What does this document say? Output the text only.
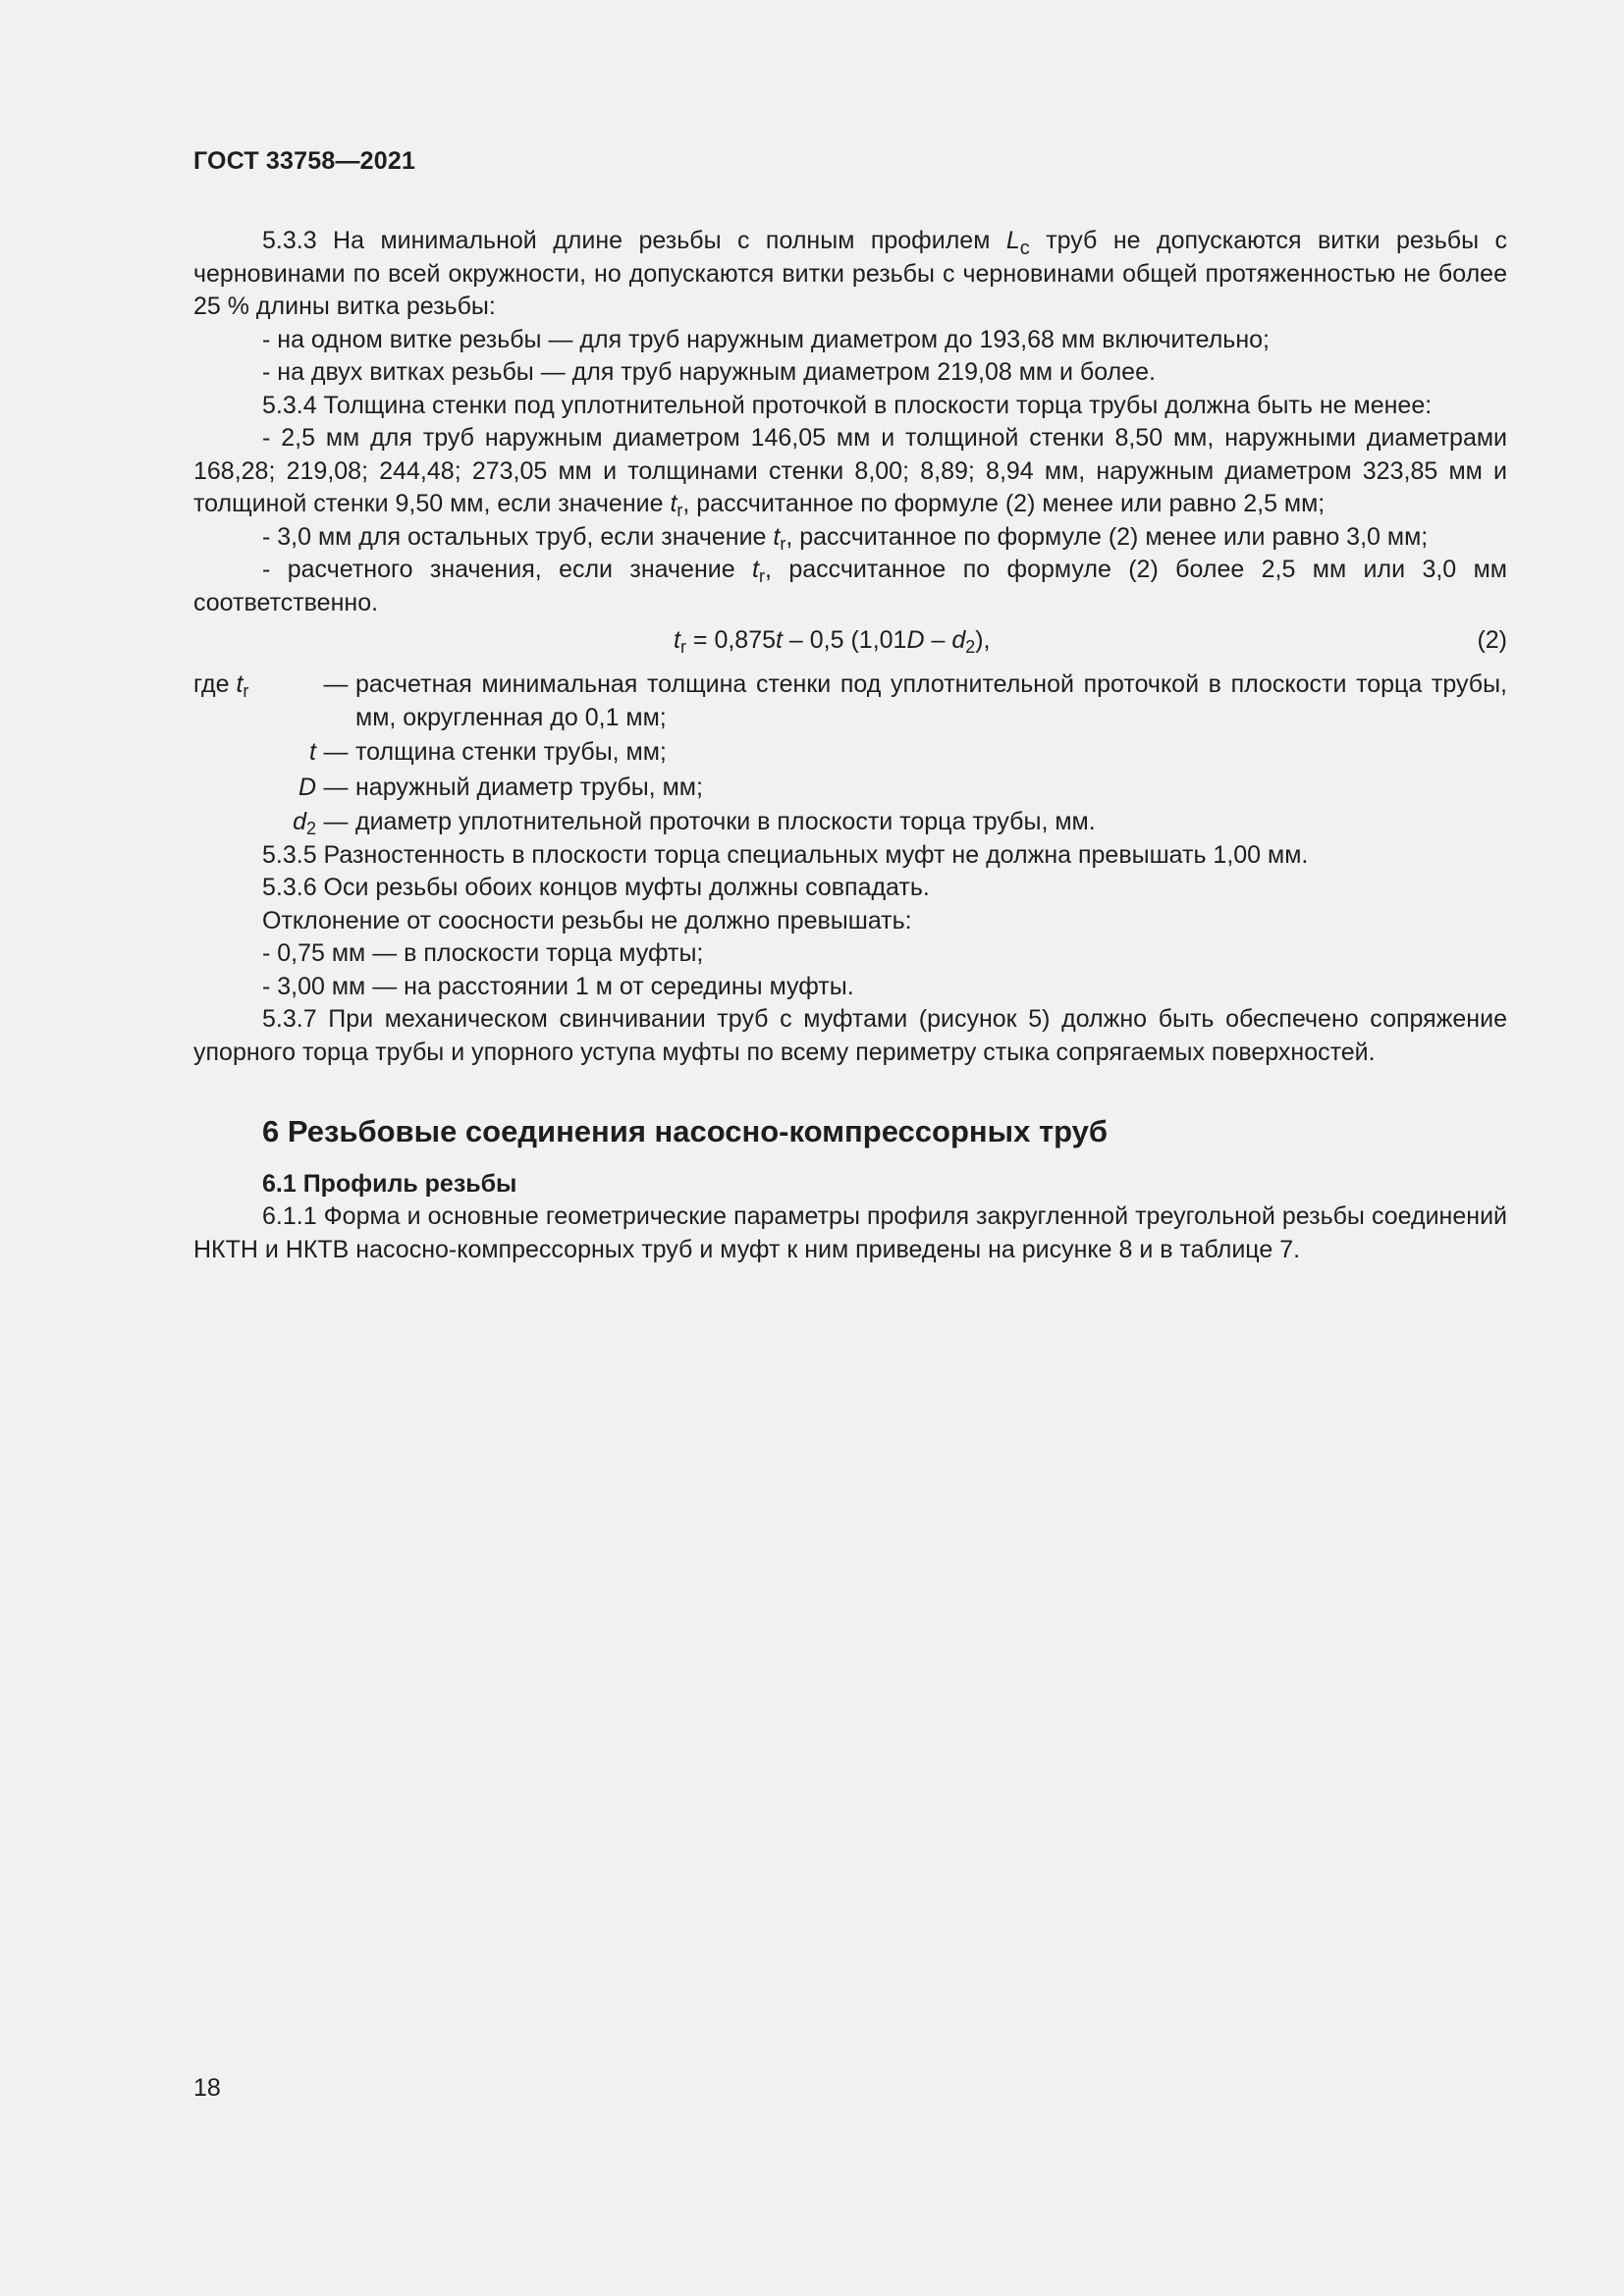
ГОСТ 33758—2021

5.3.3 На минимальной длине резьбы с полным профилем $L_с$ труб не допускаются витки резьбы с черновинами по всей окружности, но допускаются витки резьбы с черновинами общей протяженностью не более 25 % длины витка резьбы:

- на одном витке резьбы — для труб наружным диаметром до 193,68 мм включительно;

- на двух витках резьбы — для труб наружным диаметром 219,08 мм и более.

5.3.4 Толщина стенки под уплотнительной проточкой в плоскости торца трубы должна быть не менее:

- 2,5 мм для труб наружным диаметром 146,05 мм и толщиной стенки 8,50 мм, наружными диаметрами 168,28; 219,08; 244,48; 273,05 мм и толщинами стенки 8,00; 8,89; 8,94 мм, наружным диаметром 323,85 мм и толщиной стенки 9,50 мм, если значение $t_r$, рассчитанное по формуле (2) менее или равно 2,5 мм;

- 3,0 мм для остальных труб, если значение $t_r$, рассчитанное по формуле (2) менее или равно 3,0 мм;

- расчетного значения, если значение $t_r$, рассчитанное по формуле (2) более 2,5 мм или 3,0 мм соответственно.

$t_r = 0,875t - 0,5$ $(1,01D - d_2)$,	(2)
где $t_r$	— расчетная минимальная толщина стенки под уплотнительной проточкой в плоскости торца трубы, мм, округленная до 0,1 мм;
t — толщина стенки трубы, мм;
D — наружный диаметр трубы, мм;
$d_2$ — диаметр уплотнительной проточки в плоскости торца трубы, мм.

5.3.5 Разностенность в плоскости торца специальных муфт не должна превышать 1,00 мм.

5.3.6 Оси резьбы обоих концов муфты должны совпадать.

Отклонение от соосности резьбы не должно превышать:

- 0,75 мм — в плоскости торца муфты;

- 3,00 мм — на расстоянии 1 м от середины муфты.

5.3.7 При механическом свинчивании труб с муфтами (рисунок 5) должно быть обеспечено сопряжение упорного торца трубы и упорного уступа муфты по всему периметру стыка сопрягаемых поверхностей.

6 Резьбовые соединения насосно-компрессорных труб
6.1 Профиль резьбы

6.1.1 Форма и основные геометрические параметры профиля закругленной треугольной резьбы соединений НКТН и НКТВ насосно-компрессорных труб и муфт к ним приведены на рисунке 8 и в таблице 7.

18
